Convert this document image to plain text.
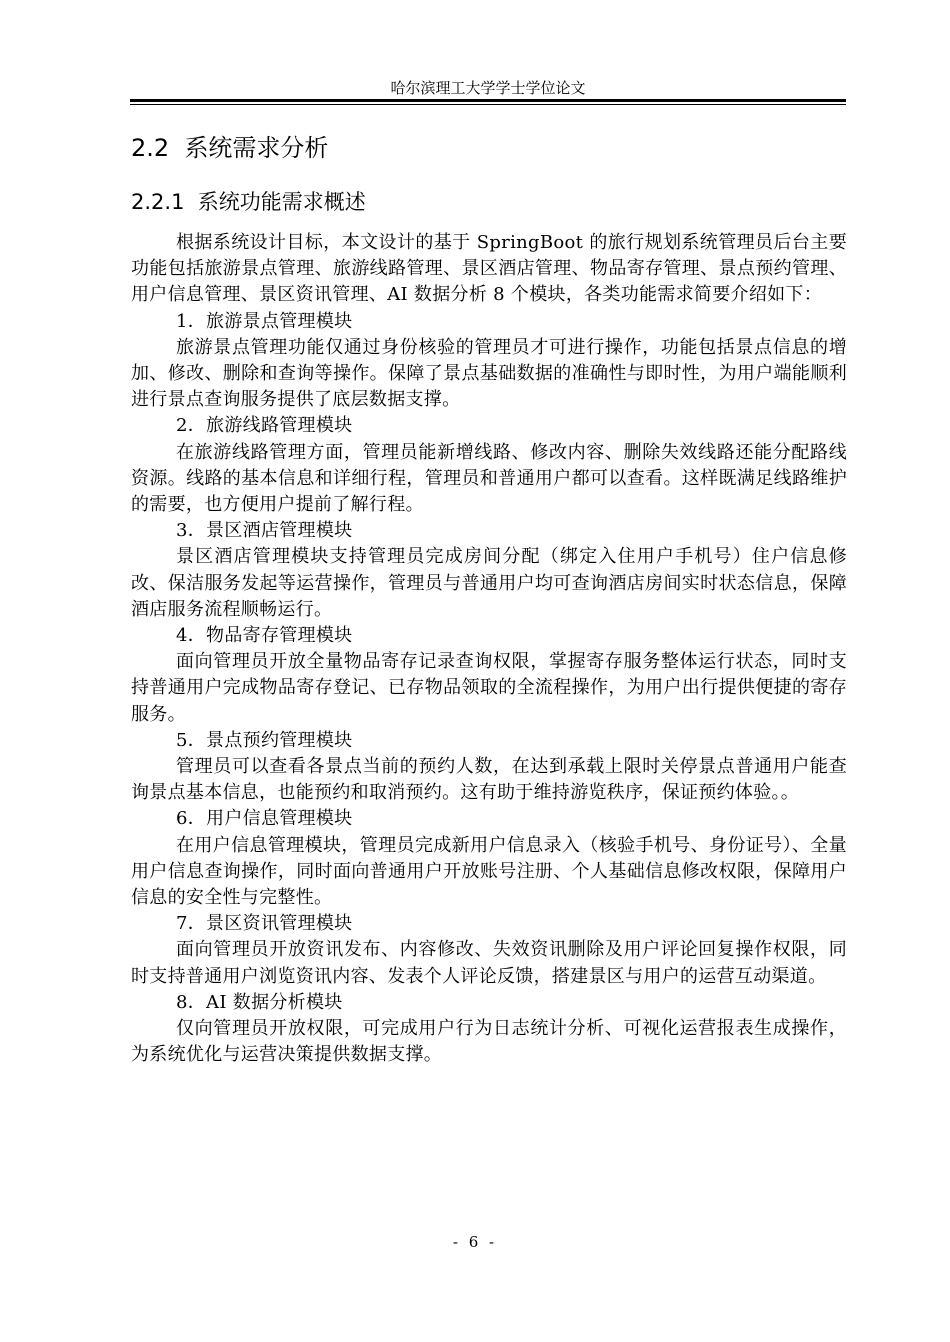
哈尔滨理工大学学士学位论文
2.2 系统需求分析
2.2.1 系统功能需求概述

根据系统设计目标，本文设计的基于 SpringBoot 的旅行规划系统管理员后台主要功能包括旅游景点管理、旅游线路管理、景区酒店管理、物品寄存管理、景点预约管理、用户信息管理、景区资讯管理、AI 数据分析 8 个模块，各类功能需求简要介绍如下：

1．旅游景点管理模块

旅游景点管理功能仅通过身份核验的管理员才可进行操作，功能包括景点信息的增加、修改、删除和查询等操作。保障了景点基础数据的准确性与即时性，为用户端能顺利进行景点查询服务提供了底层数据支撑。

2．旅游线路管理模块

在旅游线路管理方面，管理员能新增线路、修改内容、删除失效线路还能分配路线资源。线路的基本信息和详细行程，管理员和普通用户都可以查看。这样既满足线路维护的需要，也方便用户提前了解行程。

3．景区酒店管理模块

景区酒店管理模块支持管理员完成房间分配（绑定入住用户手机号）住户信息修改、保洁服务发起等运营操作，管理员与普通用户均可查询酒店房间实时状态信息，保障酒店服务流程顺畅运行。

4．物品寄存管理模块

面向管理员开放全量物品寄存记录查询权限，掌握寄存服务整体运行状态，同时支持普通用户完成物品寄存登记、已存物品领取的全流程操作，为用户出行提供便捷的寄存服务。

5．景点预约管理模块

管理员可以查看各景点当前的预约人数，在达到承载上限时关停景点普通用户能查询景点基本信息，也能预约和取消预约。这有助于维持游览秩序，保证预约体验。。

6．用户信息管理模块

在用户信息管理模块，管理员完成新用户信息录入（核验手机号、身份证号）、全量用户信息查询操作，同时面向普通用户开放账号注册、个人基础信息修改权限，保障用户信息的安全性与完整性。

7．景区资讯管理模块

面向管理员开放资讯发布、内容修改、失效资讯删除及用户评论回复操作权限，同时支持普通用户浏览资讯内容、发表个人评论反馈，搭建景区与用户的运营互动渠道。

8．AI 数据分析模块

仅向管理员开放权限，可完成用户行为日志统计分析、可视化运营报表生成操作，为系统优化与运营决策提供数据支撑。

- 6 -
